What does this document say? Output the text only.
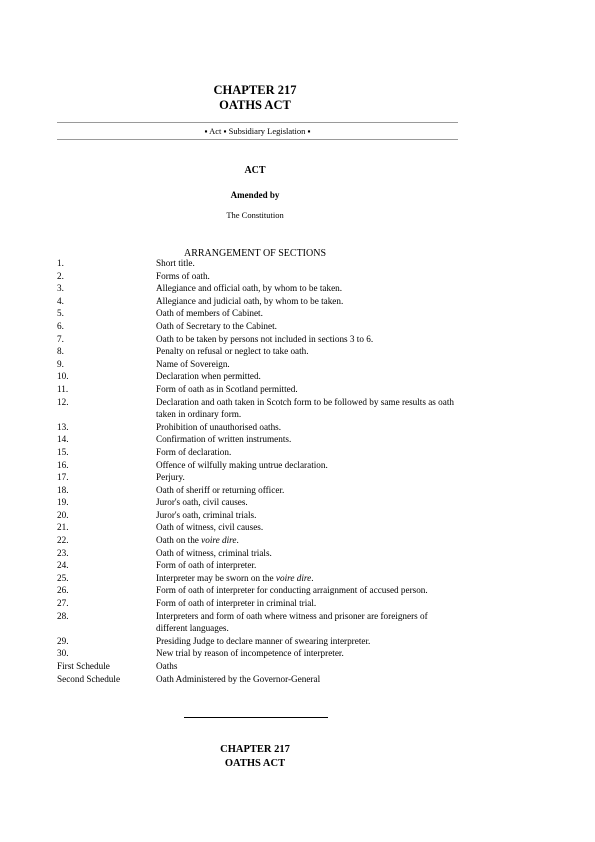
CHAPTER 217
OATHS ACT
▪ Act ▪ Subsidiary Legislation ▪
ACT
Amended by
The Constitution
ARRANGEMENT OF SECTIONS
1.	Short title.
2.	Forms of oath.
3.	Allegiance and official oath, by whom to be taken.
4.	Allegiance and judicial oath, by whom to be taken.
5.	Oath of members of Cabinet.
6.	Oath of Secretary to the Cabinet.
7.	Oath to be taken by persons not included in sections 3 to 6.
8.	Penalty on refusal or neglect to take oath.
9.	Name of Sovereign.
10.	Declaration when permitted.
11.	Form of oath as in Scotland permitted.
12.	Declaration and oath taken in Scotch form to be followed by same results as oath taken in ordinary form.
13.	Prohibition of unauthorised oaths.
14.	Confirmation of written instruments.
15.	Form of declaration.
16.	Offence of wilfully making untrue declaration.
17.	Perjury.
18.	Oath of sheriff or returning officer.
19.	Juror's oath, civil causes.
20.	Juror's oath, criminal trials.
21.	Oath of witness, civil causes.
22.	Oath on the voire dire.
23.	Oath of witness, criminal trials.
24.	Form of oath of interpreter.
25.	Interpreter may be sworn on the voire dire.
26.	Form of oath of interpreter for conducting arraignment of accused person.
27.	Form of oath of interpreter in criminal trial.
28.	Interpreters and form of oath where witness and prisoner are foreigners of different languages.
29.	Presiding Judge to declare manner of swearing interpreter.
30.	New trial by reason of incompetence of interpreter.
First Schedule	Oaths
Second Schedule	Oath Administered by the Governor-General
CHAPTER 217
OATHS ACT
